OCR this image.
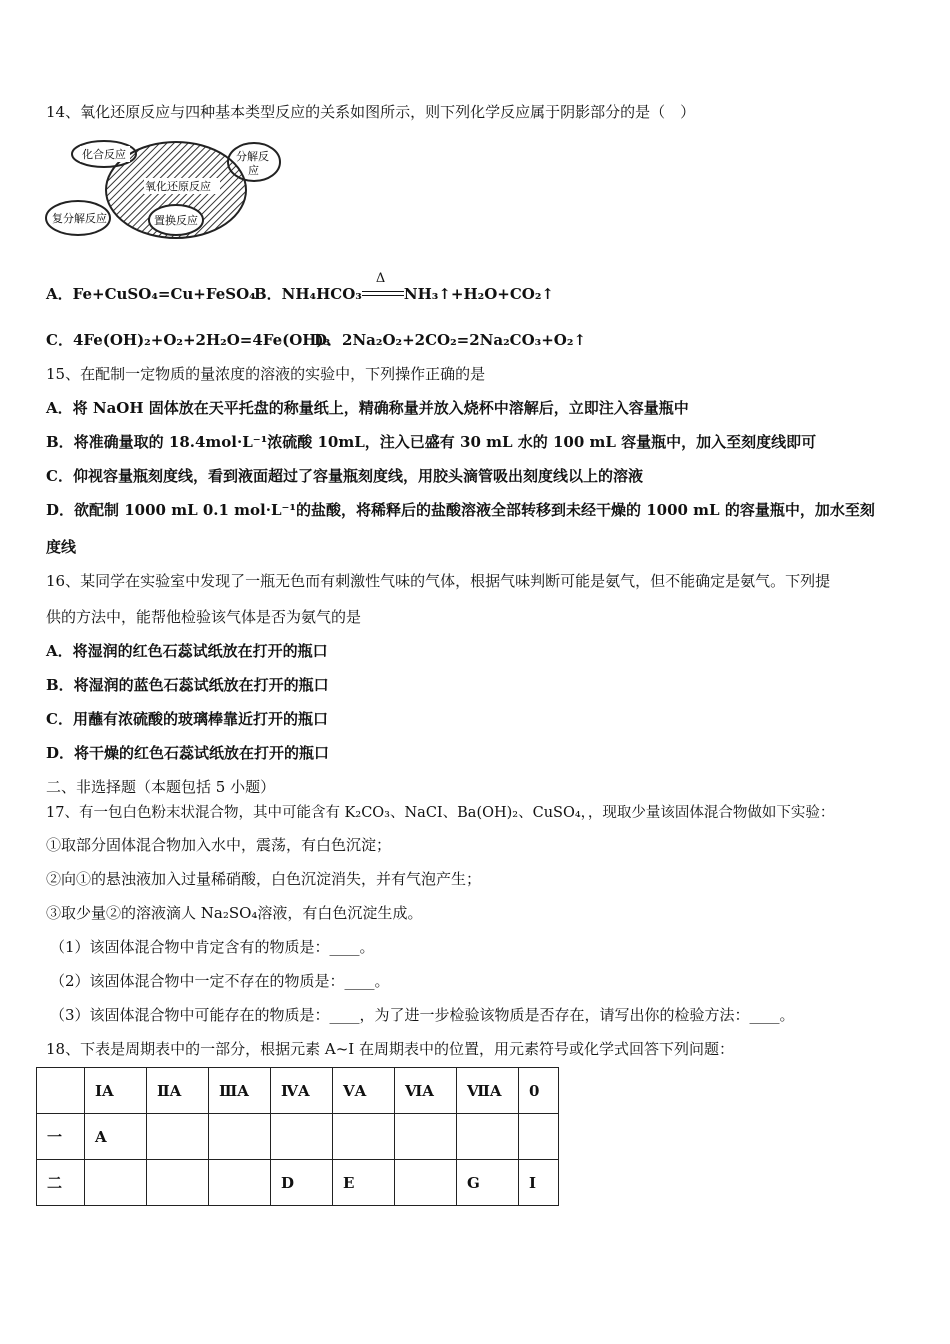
14、氧化还原反应与四种基本类型反应的关系如图所示，则下列化学反应属于阴影部分的是（　）
化合反应	分解反
应
氧化还原反应
复分解反应	置换反应
A．Fe+CuSO₄=Cu+FeSO₄
B．NH₄HCO₃
Δ
NH₃↑+H₂O+CO₂↑
C．4Fe(OH)₂+O₂+2H₂O=4Fe(OH)₃
D．2Na₂O₂+2CO₂=2Na₂CO₃+O₂↑
15、在配制一定物质的量浓度的溶液的实验中，下列操作正确的是
A．将 NaOH 固体放在天平托盘的称量纸上，精确称量并放入烧杯中溶解后，立即注入容量瓶中
B．将准确量取的 18.4mol·L⁻¹浓硫酸 10mL，注入已盛有 30 mL 水的 100 mL 容量瓶中，加入至刻度线即可
C．仰视容量瓶刻度线，看到液面超过了容量瓶刻度线，用胶头滴管吸出刻度线以上的溶液
D．欲配制 1000 mL 0.1 mol·L⁻¹的盐酸，将稀释后的盐酸溶液全部转移到未经干燥的 1000 mL 的容量瓶中，加水至刻
度线
16、某同学在实验室中发现了一瓶无色而有刺激性气味的气体，根据气味判断可能是氨气，但不能确定是氨气。下列提
供的方法中，能帮他检验该气体是否为氨气的是
A．将湿润的红色石蕊试纸放在打开的瓶口
B．将湿润的蓝色石蕊试纸放在打开的瓶口
C．用蘸有浓硫酸的玻璃棒靠近打开的瓶口
D．将干燥的红色石蕊试纸放在打开的瓶口
二、非选择题（本题包括 5 小题）
17、有一包白色粉末状混合物，其中可能含有 K₂CO₃、NaCI、Ba(OH)₂、CuSO₄，，现取少量该固体混合物做如下实验：
①取部分固体混合物加入水中，震荡，有白色沉淀；
②向①的悬浊液加入过量稀硝酸，白色沉淀消失，并有气泡产生；
③取少量②的溶液滴人 Na₂SO₄溶液，有白色沉淀生成。
（1）该固体混合物中肯定含有的物质是：____。
（2）该固体混合物中一定不存在的物质是：____。
（3）该固体混合物中可能存在的物质是：____，为了进一步检验该物质是否存在，请写出你的检验方法：____。
18、下表是周期表中的一部分，根据元素 A~I 在周期表中的位置，用元素符号或化学式回答下列问题：
	ⅠA	ⅡA	ⅢA	ⅣA	ⅤA	ⅥA	ⅦA	0
一	A							
二				D	E		G	I
